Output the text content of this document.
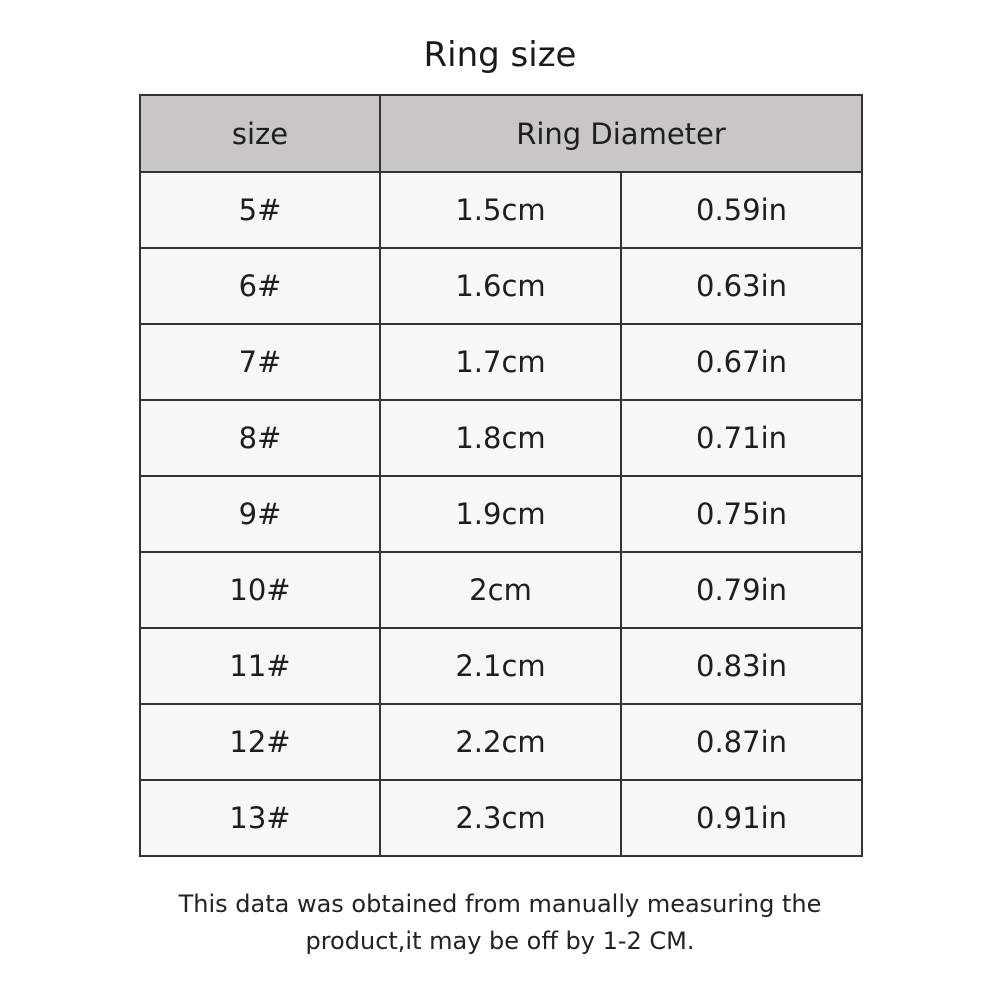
Ring size
size	Ring Diameter	
5#	1.5cm	0.59in
6#	1.6cm	0.63in
7#	1.7cm	0.67in
8#	1.8cm	0.71in
9#	1.9cm	0.75in
10#	2cm	0.79in
11#	2.1cm	0.83in
12#	2.2cm	0.87in
13#	2.3cm	0.91in
This data was obtained from manually measuring the
product,it may be off by 1-2 CM.
